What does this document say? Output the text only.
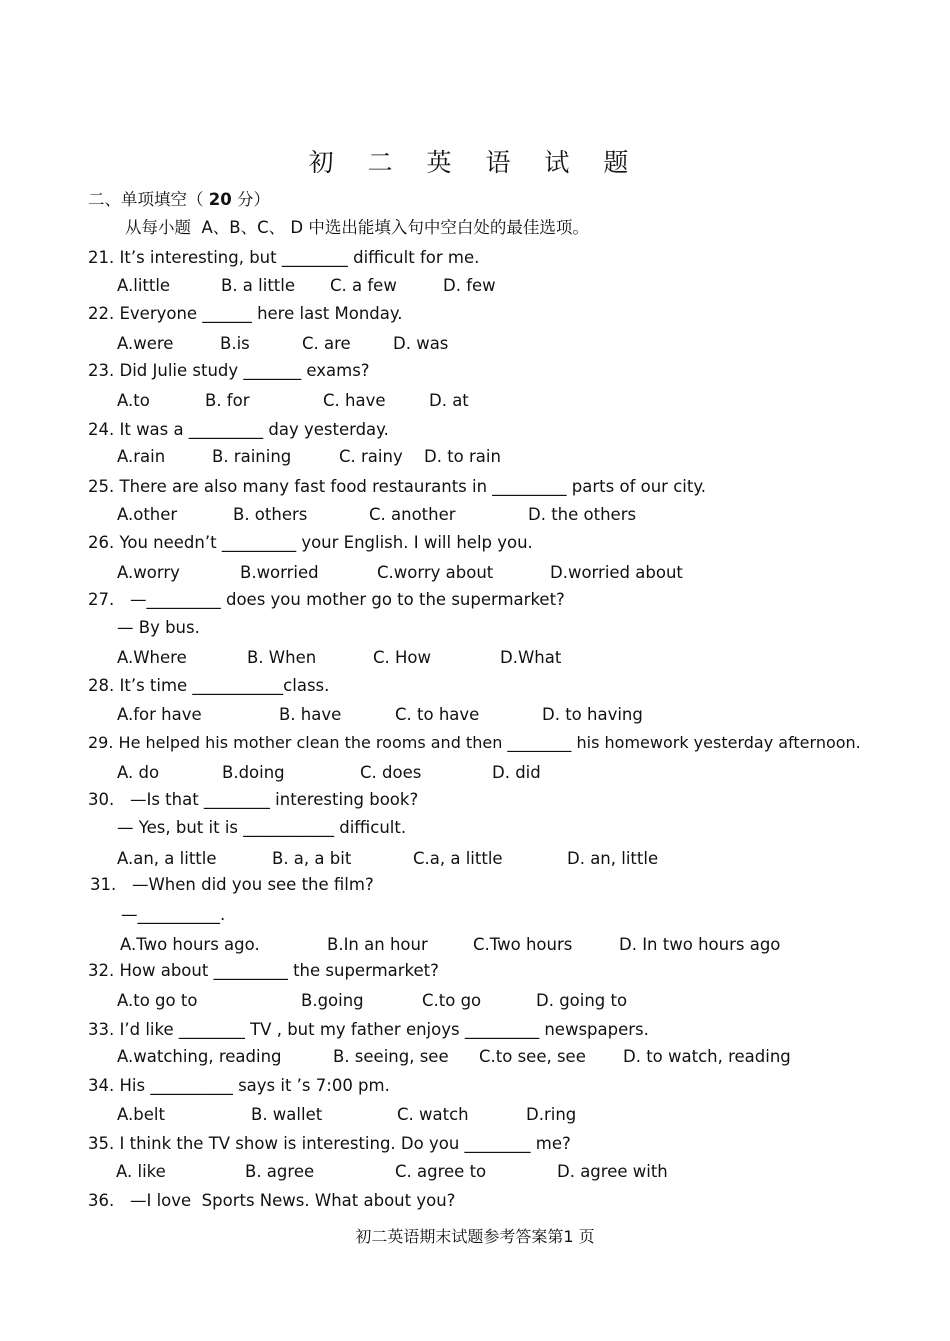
初 二 英 语 试 题
二、单项填空（ 20 分）
从每小题  A、B、C、 D 中选出能填入句中空白处的最佳选项。
21. It’s interesting, but ________ difficult for me.

A.little

	B. a little

C. a few

	D. few

22. Everyone ______ here last Monday.

A.were

	B.is

	C. are

	D. was

23. Did Julie study _______ exams?

A.to

	B. for

	C. have

	D. at

24. It was a _________ day yesterday.

A.rain

	B. raining

	C. rainy

D. to rain

25. There are also many fast food restaurants in _________ parts of our city.

A.other

	B. others

	C. another

	D. the others

26. You needn’t _________ your English. I will help you.

A.worry

	B.worried

	C.worry about

	D.worried about

27.   —_________ does you mother go to the supermarket?
— By bus.

A.Where

	B. When

	C. How

	D.What

28. It’s time ___________class.

A.for have

	B. have

	C. to have

	D. to having

29. He helped his mother clean the rooms and then ________ his homework yesterday afternoon.

A. do

	B.doing

	C. does

	D. did

30.   —Is that ________ interesting book?
— Yes, but it is ___________ difficult.

A.an, a little

	B. a, a bit

	C.a, a little

	D. an, little

31.   —When did you see the film?
—__________.

A.Two hours ago.

	B.In an hour

	C.Two hours

	D. In two hours ago

32. How about _________ the supermarket?

A.to go to

	B.going

	C.to go

	D. going to

33. I’d like ________ TV , but my father enjoys _________ newspapers.

A.watching, reading

	B. seeing, see

C.to see, see

D. to watch, reading

34. His __________ says it ’s 7:00 pm.

A.belt

	B. wallet

	C. watch

	D.ring

35. I think the TV show is interesting. Do you ________ me?

A. like

	B. agree

	C. agree to

	D. agree with

36.   —I love  Sports News. What about you?
初二英语期末试题参考答案第1 页
